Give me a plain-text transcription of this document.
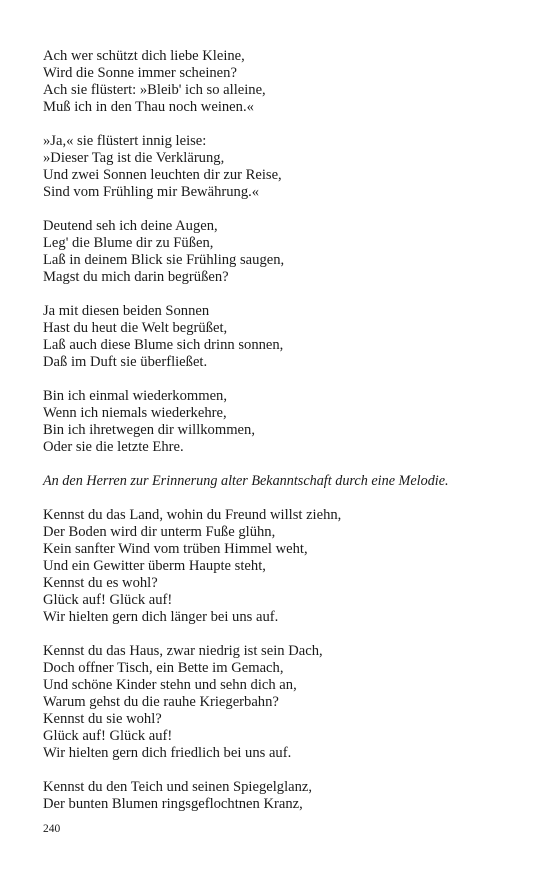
Ach wer schützt dich liebe Kleine,
Wird die Sonne immer scheinen?
Ach sie flüstert: »Bleib' ich so alleine,
Muß ich in den Thau noch weinen.«
»Ja,« sie flüstert innig leise:
»Dieser Tag ist die Verklärung,
Und zwei Sonnen leuchten dir zur Reise,
Sind vom Frühling mir Bewährung.«
Deutend seh ich deine Augen,
Leg' die Blume dir zu Füßen,
Laß in deinem Blick sie Frühling saugen,
Magst du mich darin begrüßen?
Ja mit diesen beiden Sonnen
Hast du heut die Welt begrüßet,
Laß auch diese Blume sich drinn sonnen,
Daß im Duft sie überfließet.
Bin ich einmal wiederkommen,
Wenn ich niemals wiederkehre,
Bin ich ihretwegen dir willkommen,
Oder sie die letzte Ehre.
An den Herren zur Erinnerung alter Bekanntschaft durch eine Melodie.
Kennst du das Land, wohin du Freund willst ziehn,
Der Boden wird dir unterm Fuße glühn,
Kein sanfter Wind vom trüben Himmel weht,
Und ein Gewitter überm Haupte steht,
Kennst du es wohl?
Glück auf! Glück auf!
Wir hielten gern dich länger bei uns auf.
Kennst du das Haus, zwar niedrig ist sein Dach,
Doch offner Tisch, ein Bette im Gemach,
Und schöne Kinder stehn und sehn dich an,
Warum gehst du die rauhe Kriegerbahn?
Kennst du sie wohl?
Glück auf! Glück auf!
Wir hielten gern dich friedlich bei uns auf.
Kennst du den Teich und seinen Spiegelglanz,
Der bunten Blumen ringsgeflochtnen Kranz,
240
